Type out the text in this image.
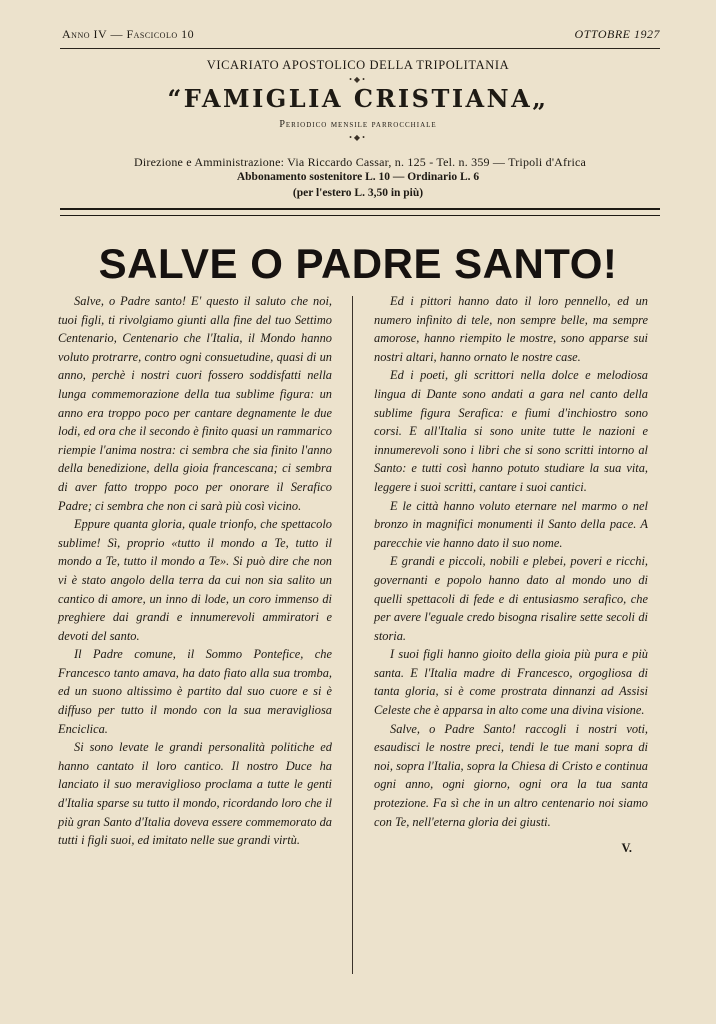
Anno IV — Fascicolo 10	OTTOBRE 1927
VICARIATO APOSTOLICO DELLA TRIPOLITANIA
•◆•
“FAMIGLIA CRISTIANA„
Periodico mensile parrocchiale
•◆•
Direzione e Amministrazione: Via Riccardo Cassar, n. 125 - Tel. n. 359 — Tripoli d'Africa
Abbonamento sostenitore L. 10 — Ordinario L. 6
(per l'estero L. 3,50 in più)
SALVE O PADRE SANTO!

Salve, o Padre santo! E' questo il saluto che noi, tuoi figli, ti rivolgiamo giunti alla fine del tuo Settimo Centenario, Centenario che l'Italia, il Mondo hanno voluto protrarre, contro ogni consuetudine, quasi di un anno, perchè i nostri cuori fossero soddisfatti nella lunga commemorazione della tua sublime figura: un anno era troppo poco per cantare degnamente le due lodi, ed ora che il secondo è finito quasi un rammarico riempie l'anima nostra: ci sembra che sia finito l'anno della benedizione, della gioia francescana; ci sembra di aver fatto troppo poco per onorare il Serafico Padre; ci sembra che non ci sarà più così vicino.

Eppure quanta gloria, quale trionfo, che spettacolo sublime! Sì, proprio «tutto il mondo a Te, tutto il mondo a Te, tutto il mondo a Te». Si può dire che non vi è stato angolo della terra da cui non sia salito un cantico di amore, un inno di lode, un coro immenso di preghiere dai grandi e innumerevoli ammiratori e devoti del santo.

Il Padre comune, il Sommo Pontefice, che Francesco tanto amava, ha dato fiato alla sua tromba, ed un suono altissimo è partito dal suo cuore e si è diffuso per tutto il mondo con la sua meravigliosa Enciclica.

Si sono levate le grandi personalità politiche ed hanno cantato il loro cantico. Il nostro Duce ha lanciato il suo meraviglioso proclama a tutte le genti d'Italia sparse su tutto il mondo, ricordando loro che il più gran Santo d'Italia doveva essere commemorato da tutti i figli suoi, ed imitato nelle sue grandi virtù.

Ed i pittori hanno dato il loro pennello, ed un numero infinito di tele, non sempre belle, ma sempre amorose, hanno riempito le mostre, sono apparse sui nostri altari, hanno ornato le nostre case.

Ed i poeti, gli scrittori nella dolce e melodiosa lingua di Dante sono andati a gara nel canto della sublime figura Serafica: e fiumi d'inchiostro sono corsi. E all'Italia si sono unite tutte le nazioni e innumerevoli sono i libri che si sono scritti intorno al Santo: e tutti così hanno potuto studiare la sua vita, leggere i suoi scritti, cantare i suoi cantici.

E le città hanno voluto eternare nel marmo o nel bronzo in magnifici monumenti il Santo della pace. A parecchie vie hanno dato il suo nome.

E grandi e piccoli, nobili e plebei, poveri e ricchi, governanti e popolo hanno dato al mondo uno di quelli spettacoli di fede e di entusiasmo serafico, che per avere l'eguale credo bisogna risalire sette secoli di storia.

I suoi figli hanno gioito della gioia più pura e più santa. E l'Italia madre di Francesco, orgogliosa di tanta gloria, si è come prostrata dinnanzi ad Assisi Celeste che è apparsa in alto come una divina visione.

Salve, o Padre Santo! raccogli i nostri voti, esaudisci le nostre preci, tendi le tue mani sopra di noi, sopra l'Italia, sopra la Chiesa di Cristo e continua ogni anno, ogni giorno, ogni ora la tua santa protezione. Fa sì che in un altro centenario noi siamo con Te, nell'eterna gloria dei giusti.

V.
